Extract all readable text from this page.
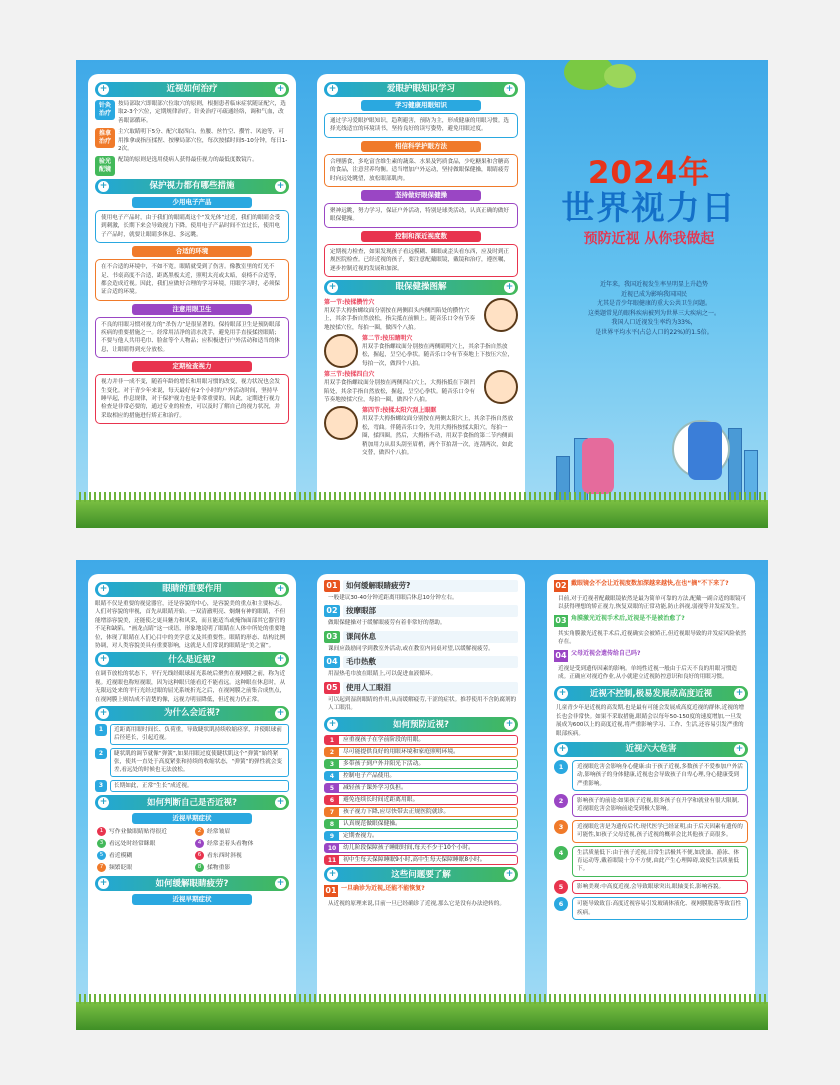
+	近视如何治疗	+
针灸
治疗
按局部取穴即眼部穴位取穴的原则，根据患者临床症状随证配穴，选取2-3个穴位，定期规律治疗。针灸治疗可疏通经络，调和气血，改善眼部循环。
推拿
治疗
主穴取睛明下5分、配穴取四白、鱼腰、丝竹空、攒竹、风池等，可用推拿或指压揉捏、按摩局部穴位，每次按揉时间5-10分钟，每日1-2次。
验光
配镜
配镜的原则是选用使病人获得最佳视力的最低度数镜片。
+	保护视力都有哪些措施	+
少用电子产品
使用电子产品时，由于我们的眼睛离这个“发光体”过近，我们的眼睛会受到刺激，长期下来会导致视力下降。使用电子产品时间不宜过长，使用电子产品时，就要让眼睛多休息、多远眺。
合适的环境
在不合适的环境中，不如不宽。眼睛就受到了伤害。像教室里的灯光不足、书桌高度不合适，距离黑板太近，照明太亮或太暗，桌椅不合适等，都会造成近视。因此，我们应做好合理的学习环境，用眼学习时，必须保证合适的环境。
注意用眼卫生
不良的用眼习惯对视力的“杀伤力”是很显著的。保持眼部卫生是预防眼部疾病的重要措施之一。经常用洁净的清水洗手，避免用手直接揉搓眼睛；不要与他人共用毛巾、脸盆等个人物品；应积极进行户外活动和适当的休息，让眼睛得到充分放松。
定期检查视力
视力并非一成不变，随着年龄的增长和用眼习惯的改变，视力状况也会发生变化。对于青少年来说，每天最好有2个小时的户外活动时间，坚持早睡早起，作息规律，对于保护视力也是非常重要的。因此，定期进行视力检查是非常必要的，通过专业的检查，可以及时了解自己的视力状况，并采取相应的措施进行矫正和治疗。
+	爱眼护眼知识学习	+
学习健康用眼知识
通过学习爱眼护眼知识，趋利避害，预防为主，形成健康的用眼习惯。选择光线适宜的环境读书，坚持良好的读写姿势，避免用眼过度。
相信科学护眼方法
合理膳食，多吃富含维生素的蔬菜、水果及钙质食品，少吃糖果和含糖高的食品，注意营养均衡。适当增加户外运动，坚持做眼保健操，眼睛疲劳时向远处眺望，放松眼部肌肉。
坚持做好眼保健操
聚神远眺，努力学习，保证户外活动，特别是球类活动，认真正确的做好眼保健操。
控制和深近视度数
定期视力检查，如果发现孩子看远模糊、眯眼或歪头看东西，应及时到正规医院检查。已经近视的孩子，要注意配戴眼镜，戴镜和治疗，遵医嘱，逐步控制近视的发展和加深。
+	眼保健操图解	+
第一节:按揉攒竹穴
用双手大拇指螺纹面分别按在两侧眉头内侧凹陷处的攒竹穴上，其余手指自然放松，指尖抵在前额上。随音乐口令有节奏地按揉穴位，每拍一圈，做四个八拍。
第二节:按压睛明穴
用双手食指螺纹面分别按在两侧睛明穴上，其余手指自然放松，握起，呈空心拳状。随音乐口令有节奏地上下按压穴位，每拍一次，做四个八拍。
第三节:按揉四白穴
用双手食指螺纹面分别按在两侧四白穴上，大拇指抵在下颌凹陷处，其余手指自然放松，握起，呈空心拳状。随音乐口令有节奏地按揉穴位，每拍一圈，做四个八拍。
第四节:按揉太阳穴刮上眼眶
用双手大拇指螺纹面分别按在两侧太阳穴上，其余手指自然放松，弯曲。伴随音乐口令，先用大拇指按揉太阳穴，每拍一圈，揉四圈。然后，大拇指不动，用双手食指的第二节内侧面稍加用力从眉头刮至眉梢，两个节拍刮一次，连刮两次，如此交替，做四个八拍。
2024年
世界视力日
预防近视 从你我做起
近年来，我国近视发生率呈明显上升趋势
近视已成为影响我国国民
尤其是青少年眼健康的重大公共卫生问题。
这类题常见的眼科疾病被列为世界三大疾病之一。
我国人口近视发生率约为33%，
是世界平均水平(占总人口的22%)的1.5倍。
+	眼睛的重要作用	+
眼睛不仅是重要的视觉器官，还是容貌的中心，是容貌美的重点和主要标志。人们对容貌的审视，首先从眼睛开始。一双清澈明亮、炯炯有神的眼睛，不但能增添容貌美，还能使之更具魅力和风采，而且能适当或掩饰面部其它器官的不足和缺陷。“画龙点睛”这一成语，形象地说明了眼睛在人体中所处的重要地位，体现了眼睛在人们心目中的美学意义及其重要性。眼睛的形态、结构比例协调，对人类容貌美具有重要影响，这就是人们常说的眼睛是“美之窗”。
+	什么是近视?	+
在调节放松的状态下，平行光线经眼球屈光系统后聚焦在视网膜之前，称为近视。近视眼也称短视眼，因为这种眼只能看近不能看远。这种眼在休息时，从无限远处来的平行光经过眼的屈光系统折光之后，在视网膜之前集合成焦点，在视网膜上则结成不清楚的像，远视力明显降低，但近视力仍正常。
+	为什么会近视?	+
1	近距离用眼时间长、负荷重，导致睫状肌持续收缩痉挛，并使眼球前后径延长，引起近视。
2	睫状肌的调节就像“弹簧”,如果用眼过度使睫状肌这个“弹簧”始终紧张，使其一直处于高度紧张和持续的收缩状态，“弹簧”的弹性就会变差,看远处的时候也无法放松。
3	长期如此，正常“生长”成近视。
+	如何判断自己是否近视?	+
近视早期症状
1 写作业做眼睛贴得很近	2 经常皱眉
3 看远处时经常眯眼	4 经常歪着头看物体
5 看近模糊	6 看东西时斜视
7 频繁眨眼	8 揉物重影
+	如何缓解眼睛疲劳?	+
近视早期症状
01	如何缓解眼睛疲劳?
一般建议30-40分钟近距离用眼后休息10分钟左右。
02	按摩眼部
做眼保健操对于缓解眼疲劳有着非常好的帮助。
03	课间休息
课间应鼓励同学到教室外活动,或在教室内同桌对望,以缓解视疲劳。
04	毛巾热敷
用湿热毛巾放在眼睛上,可以促进血液循环。
05	使用人工眼泪
可以起到湿润眼睛的作用,从而缓解疲劳,干涩的症状。推荐使用不含防腐剂的人工眼泪。
+	如何预防近视?	+
1	应重视孩子在学前阶段的用眼。
2	尽可能提供良好的用眼环境和家庭照明环境。
3	多带孩子到户外并阳光下活动。
4	控制电子产品使用。
5	减轻孩子课外学习负担。
6	避免连续长时间近距离用眼。
7	孩子视力下降,应尽快带去正规医院就诊。
8	认真规范做眼保健操。
9	定期查视力。
10	幼儿阶段保障孩子睡眠时间,每天不少于10个小时。
11	初中生每天保障睡眠9小时,高中生每天保障睡眠8小时。
+	这些问题要了解	+
01 一旦确诊为近视,还能不能恢复?
从近视的原理来说,目前一旦已经确诊了近视,那么它是没有办法逆转的。
02 戴眼镜会不会让近视度数加深越来越快,在也“摘”不下来了?
目前,对于近视者配戴眼镜依然是最为简单可靠的方法,配戴一副合适的眼镜可以获得理想的矫正视力,恢复双眼的正常功能,防止斜视,弱视等并发症发生。
03 角膜激光近视手术后,近视是不是被治愈了?
其实角膜激光近视手术后,近视确实会被矫正,但近视眼导致的并发症风险依然存在。
04 父母近视会遗传给自己吗?
近视是受到遗传因素的影响。单纯性近视一般由于后天不良的用眼习惯造成。正确应对视近作业,从小就建立近视防控意识和良好的用眼习惯。
+	近视不控制,极易发展成高度近视	+
儿童青少年是近视的高发期,也是最有可能会发展成高度近视的群体,近视的增长也会非常快。如果不采取措施,眼睛会以每年50-150度的速度增加,一旦发展成为600以上的高度近视,将严重影响学习、工作、生活,还容易引发严重的眼部疾病。
+	近视六大危害	+
1	近视眼危害会影响身心健康:由于孩子近视,多数孩子不爱参加户外活动,影响孩子的身体健康,近视也会导致孩子自卑心理,身心健康受到严重影响。
2	影响孩子的前途:如果孩子近视,很多孩子在升学和就业有很大限制,近视眼危害会影响前途受到极大影响。
3	近视眼危害是为遗传后代:现代医学已经证明,由于后天因素有遗传的可能性,如孩子父母近视,孩子近视的概率会比其他孩子高很多。
4	生活质量低下:由于孩子近视,日常生活极其不便,如洗澡、游泳、体育运动等,戴着眼镜十分不方便,由此产生心理障碍,致使生活质量低下。
5	影响美观:中高度近视,会导致眼球突出,眼轴变长,影响容貌。
6	可能导致致盲:高度近视容易引发玻璃体液化、视网膜脱落等致盲性疾病。
